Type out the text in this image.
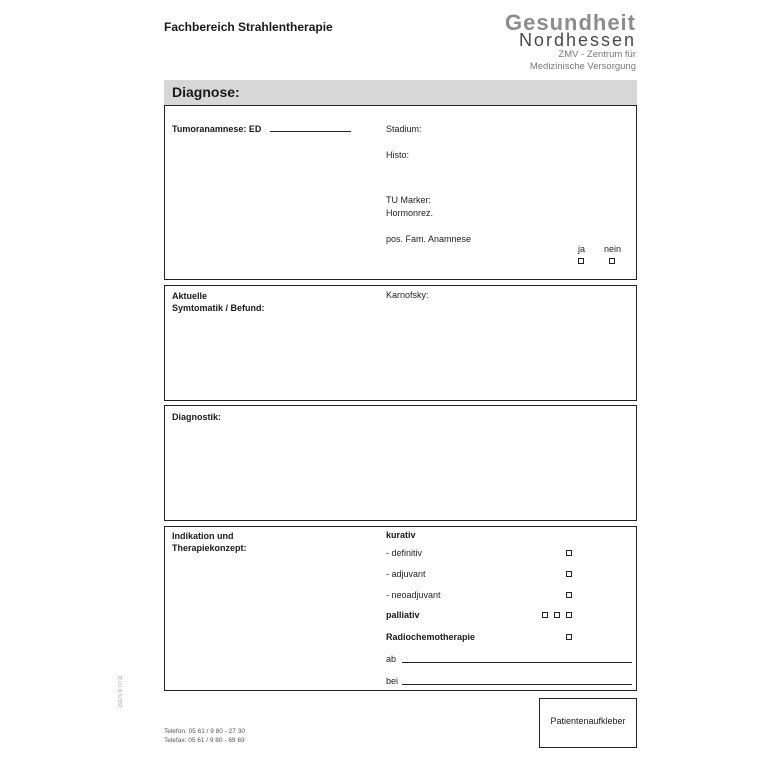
Fachbereich Strahlentherapie	Gesundheit
Nordhessen
ZMV - Zentrum für
Medizinische Versorgung
Diagnose:
Tumoranamnese: ED	Stadium:
Histo:
TU Marker:
Hormonrez.
pos. Fam. Anamnese
ja nein
Aktuelle
Symtomatik / Befund:
Karnofsky:
Diagnostik:
Indikation und
Therapiekonzept:
kurativ
- definitiv
- adjuvant
- neoadjuvant
palliativ
Radiochemotherapie
ab
bei
1562S.R 07/11
Telefon: 05 61 / 9 80 - 27 30
Telefax: 05 61 / 9 80 - 69 69
Patientenaufkleber
